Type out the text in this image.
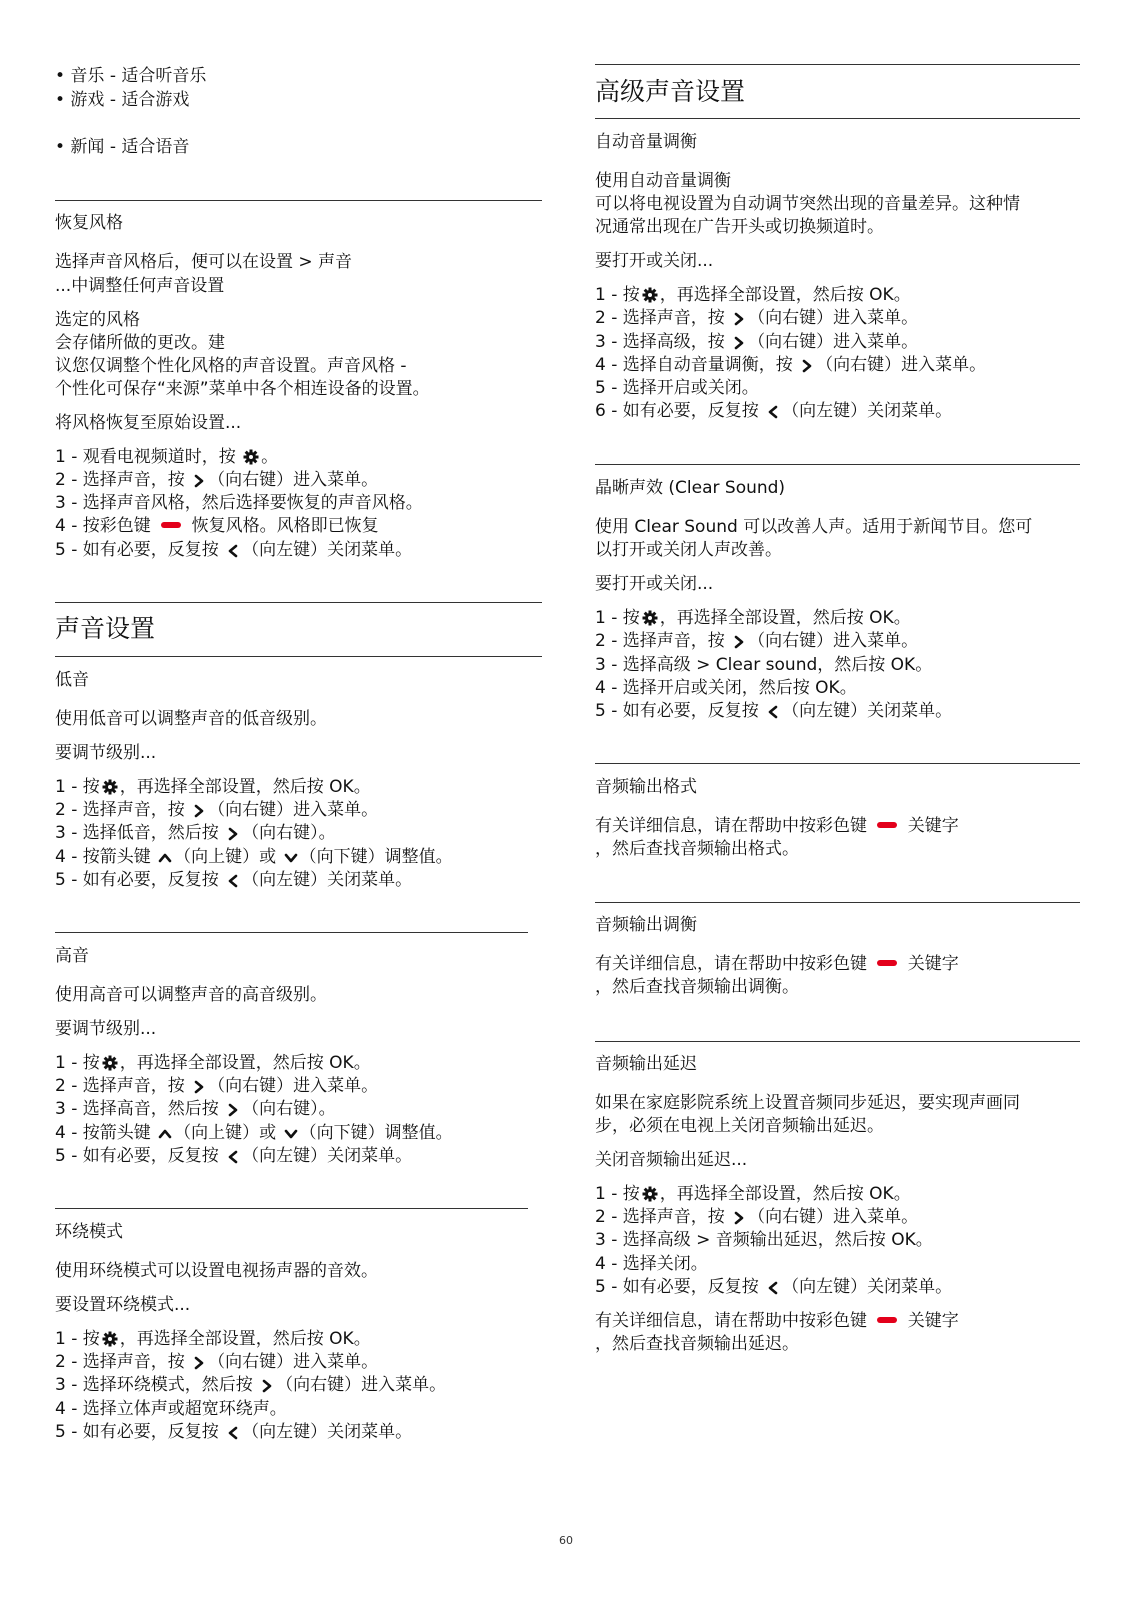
• 音乐 - 适合听音乐
• 游戏 - 适合游戏
• 新闻 - 适合语音
恢复风格
选择声音风格后，便可以在设置 > 声音
...中调整任何声音设置
选定的风格
会存储所做的更改。建
议您仅调整个性化风格的声音设置。声音风格 -
个性化可保存“来源”菜单中各个相连设备的设置。
将风格恢复至原始设置...
1 - 观看电视频道时，按 。
2 - 选择声音，按 （向右键）进入菜单。
3 - 选择声音风格，然后选择要恢复的声音风格。
4 - 按彩色键  恢复风格。风格即已恢复
5 - 如有必要，反复按 （向左键）关闭菜单。
声音设置
低音
使用低音可以调整声音的低音级别。
要调节级别...
1 - 按 ，再选择全部设置，然后按 OK。
2 - 选择声音，按 （向右键）进入菜单。
3 - 选择低音，然后按 （向右键）。
4 - 按箭头键 （向上键）或 （向下键）调整值。
5 - 如有必要，反复按 （向左键）关闭菜单。
高音
使用高音可以调整声音的高音级别。
要调节级别...
1 - 按 ，再选择全部设置，然后按 OK。
2 - 选择声音，按 （向右键）进入菜单。
3 - 选择高音，然后按 （向右键）。
4 - 按箭头键 （向上键）或 （向下键）调整值。
5 - 如有必要，反复按 （向左键）关闭菜单。
环绕模式
使用环绕模式可以设置电视扬声器的音效。
要设置环绕模式...
1 - 按 ，再选择全部设置，然后按 OK。
2 - 选择声音，按 （向右键）进入菜单。
3 - 选择环绕模式，然后按 （向右键）进入菜单。
4 - 选择立体声或超宽环绕声。
5 - 如有必要，反复按 （向左键）关闭菜单。
高级声音设置
自动音量调衡
使用自动音量调衡
可以将电视设置为自动调节突然出现的音量差异。这种情
况通常出现在广告开头或切换频道时。
要打开或关闭...
1 - 按 ，再选择全部设置，然后按 OK。
2 - 选择声音，按 （向右键）进入菜单。
3 - 选择高级，按 （向右键）进入菜单。
4 - 选择自动音量调衡，按 （向右键）进入菜单。
5 - 选择开启或关闭。
6 - 如有必要，反复按 （向左键）关闭菜单。
晶晰声效 (Clear Sound)
使用 Clear Sound 可以改善人声。适用于新闻节目。您可
以打开或关闭人声改善。
要打开或关闭...
1 - 按 ，再选择全部设置，然后按 OK。
2 - 选择声音，按 （向右键）进入菜单。
3 - 选择高级 > Clear sound，然后按 OK。
4 - 选择开启或关闭，然后按 OK。
5 - 如有必要，反复按 （向左键）关闭菜单。
音频输出格式
有关详细信息，请在帮助中按彩色键  关键字
，然后查找音频输出格式。
音频输出调衡
有关详细信息，请在帮助中按彩色键  关键字
，然后查找音频输出调衡。
音频输出延迟
如果在家庭影院系统上设置音频同步延迟，要实现声画同
步，必须在电视上关闭音频输出延迟。
关闭音频输出延迟...
1 - 按 ，再选择全部设置，然后按 OK。
2 - 选择声音，按 （向右键）进入菜单。
3 - 选择高级 > 音频输出延迟，然后按 OK。
4 - 选择关闭。
5 - 如有必要，反复按 （向左键）关闭菜单。
有关详细信息，请在帮助中按彩色键  关键字
，然后查找音频输出延迟。
60
